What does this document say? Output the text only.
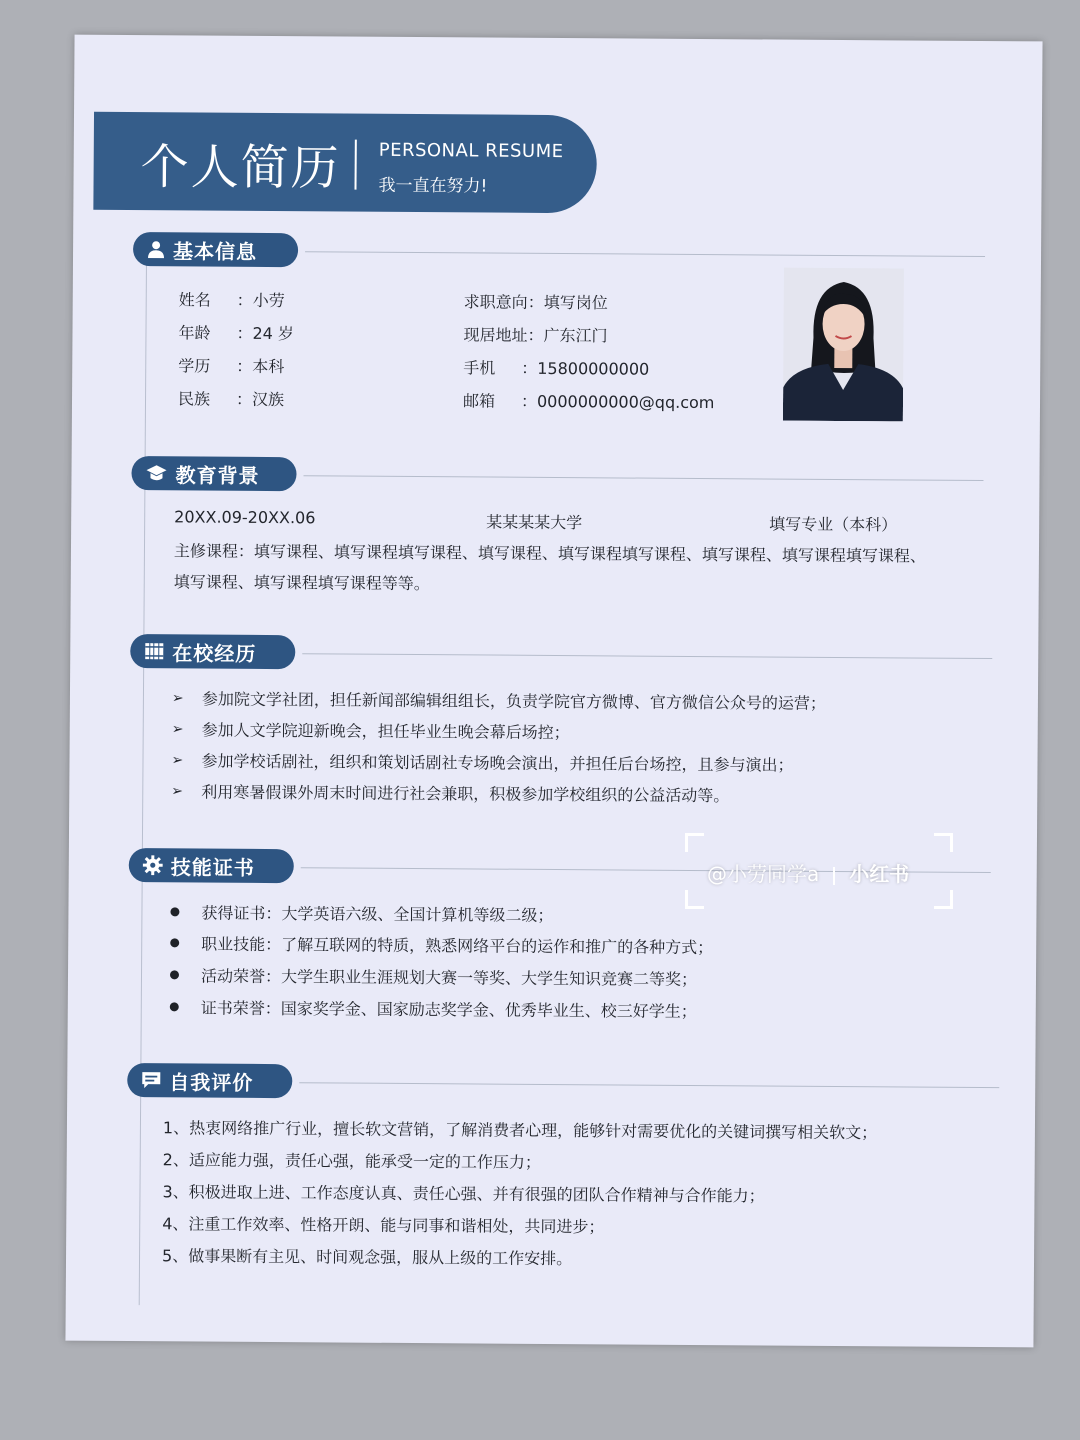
个人简历 PERSONAL RESUME
我一直在努力!
基本信息
姓名 ：小劳
年龄 ：24 岁
学历 ：本科
民族 ：汉族
求职意向：填写岗位
现居地址：广东江门
手机 ：15800000000
邮箱 ：0000000000@qq.com
教育背景
20XX.09-20XX.06	某某某某大学	填写专业（本科）
主修课程：填写课程、填写课程填写课程、填写课程、填写课程填写课程、填写课程、填写课程填写课程、
填写课程、填写课程填写课程等等。
在校经历
➢	参加院文学社团，担任新闻部编辑组组长，负责学院官方微博、官方微信公众号的运营；
➢	参加人文学院迎新晚会，担任毕业生晚会幕后场控；
➢	参加学校话剧社，组织和策划话剧社专场晚会演出，并担任后台场控，且参与演出；
➢	利用寒暑假课外周末时间进行社会兼职，积极参加学校组织的公益活动等。
技能证书
获得证书：大学英语六级、全国计算机等级二级；
职业技能：了解互联网的特质，熟悉网络平台的运作和推广的各种方式；
活动荣誉：大学生职业生涯规划大赛一等奖、大学生知识竞赛二等奖；
证书荣誉：国家奖学金、国家励志奖学金、优秀毕业生、校三好学生；
自我评价
1、热衷网络推广行业，擅长软文营销，了解消费者心理，能够针对需要优化的关键词撰写相关软文；
2、适应能力强，责任心强，能承受一定的工作压力；
3、积极进取上进、工作态度认真、责任心强、并有很强的团队合作精神与合作能力；
4、注重工作效率、性格开朗、能与同事和谐相处，共同进步；
5、做事果断有主见、时间观念强，服从上级的工作安排。
@小劳同学a 小红书
